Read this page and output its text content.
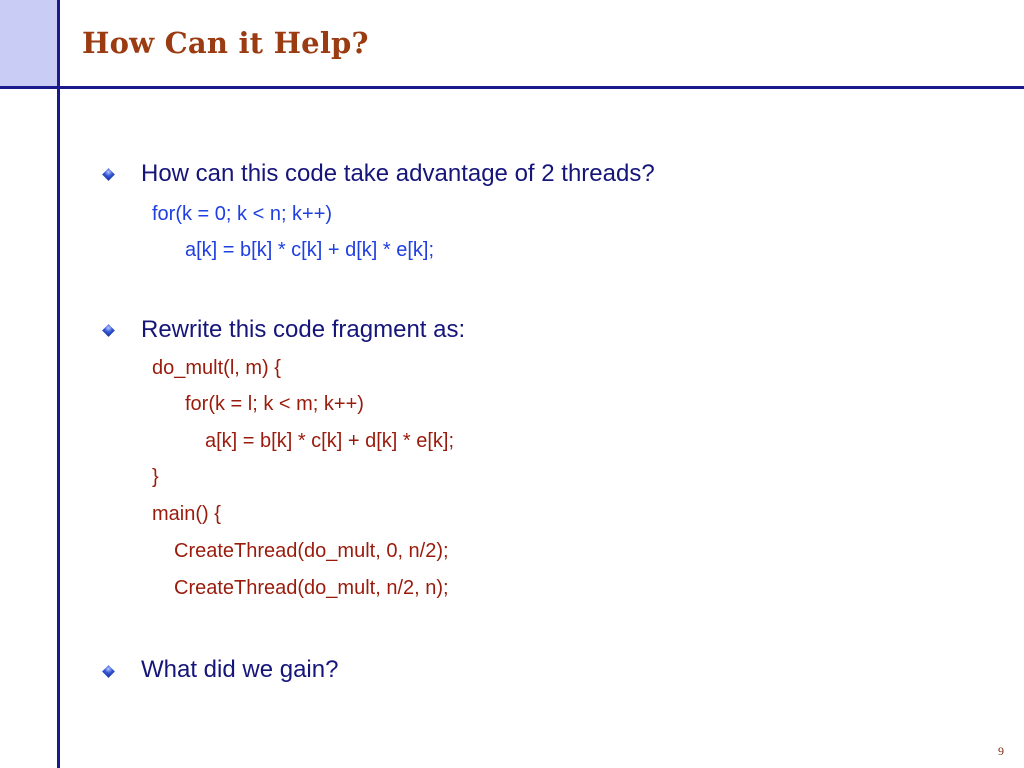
How Can it Help?
How can this code take advantage of 2 threads?
for(k = 0; k < n; k++)
a[k] = b[k] * c[k] + d[k] * e[k];
Rewrite this code fragment as:
do_mult(l, m) {
for(k = l; k < m; k++)
a[k] = b[k] * c[k] + d[k] * e[k];
}
main() {
CreateThread(do_mult, 0, n/2);
CreateThread(do_mult, n/2, n);
What did we gain?
9
